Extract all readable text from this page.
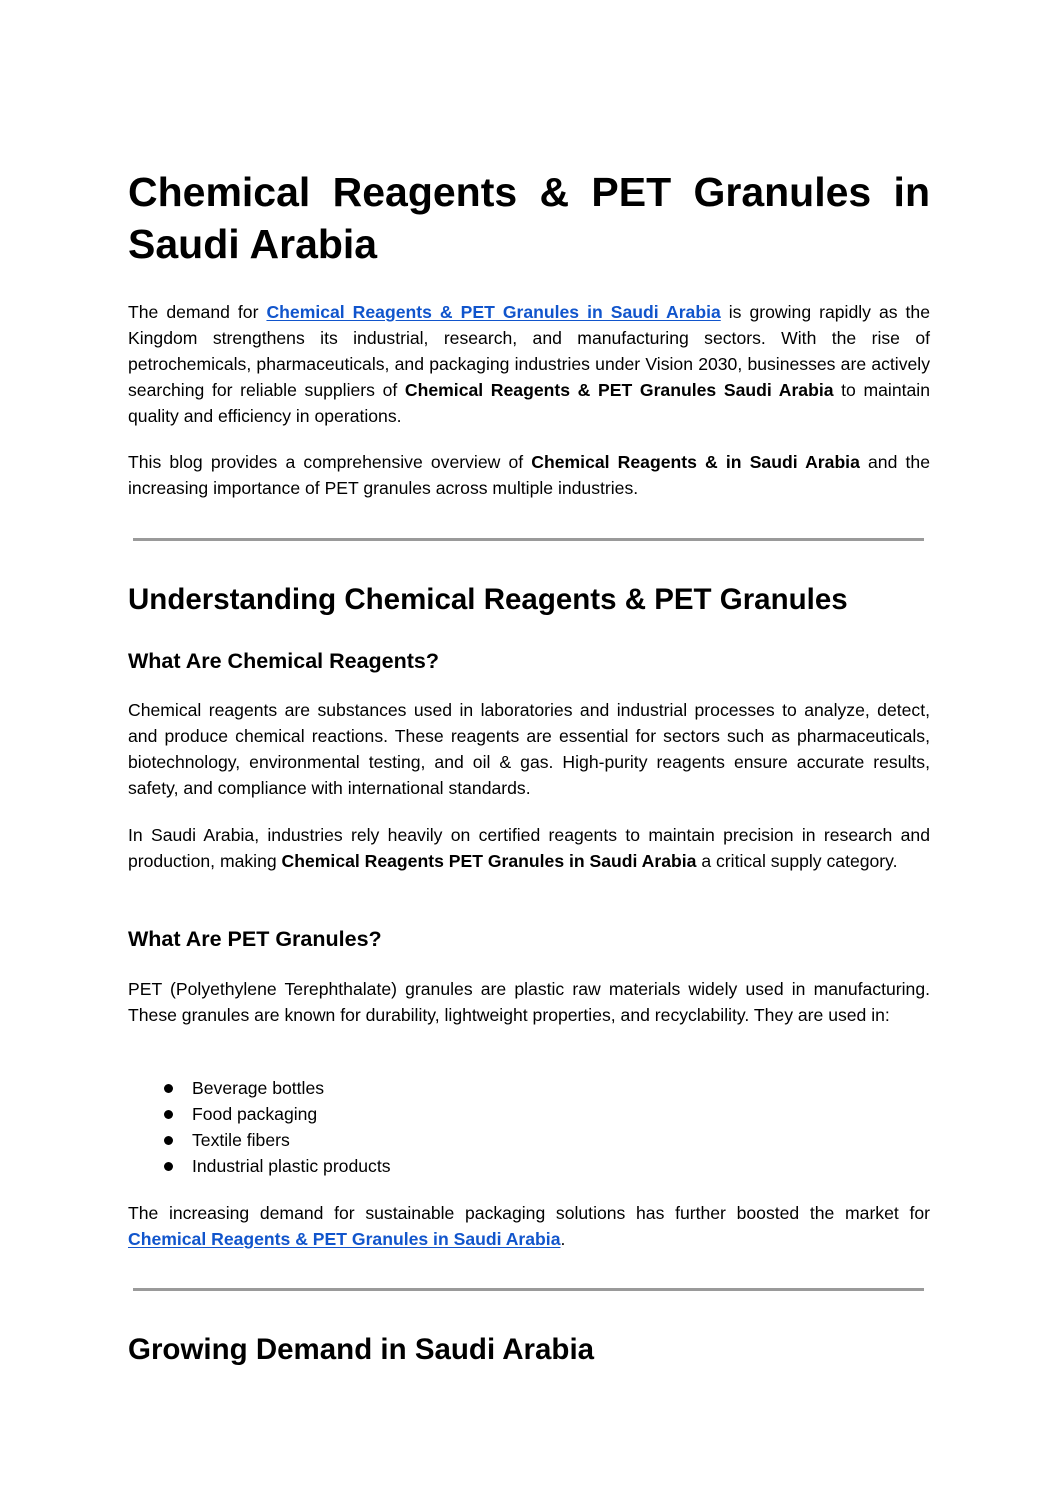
Chemical Reagents & PET Granules in Saudi Arabia

The demand for Chemical Reagents & PET Granules in Saudi Arabia is growing rapidly as the Kingdom strengthens its industrial, research, and manufacturing sectors. With the rise of petrochemicals, pharmaceuticals, and packaging industries under Vision 2030, businesses are actively searching for reliable suppliers of Chemical Reagents & PET Granules Saudi Arabia to maintain quality and efficiency in operations.

This blog provides a comprehensive overview of Chemical Reagents & in Saudi Arabia and the increasing importance of PET granules across multiple industries.

Understanding Chemical Reagents & PET Granules
What Are Chemical Reagents?

Chemical reagents are substances used in laboratories and industrial processes to analyze, detect, and produce chemical reactions. These reagents are essential for sectors such as pharmaceuticals, biotechnology, environmental testing, and oil & gas. High-purity reagents ensure accurate results, safety, and compliance with international standards.

In Saudi Arabia, industries rely heavily on certified reagents to maintain precision in research and production, making Chemical Reagents PET Granules in Saudi Arabia a critical supply category.

What Are PET Granules?

PET (Polyethylene Terephthalate) granules are plastic raw materials widely used in manufacturing. These granules are known for durability, lightweight properties, and recyclability. They are used in:

Beverage bottles
Food packaging
Textile fibers
Industrial plastic products

The increasing demand for sustainable packaging solutions has further boosted the market for Chemical Reagents & PET Granules in Saudi Arabia.

Growing Demand in Saudi Arabia
